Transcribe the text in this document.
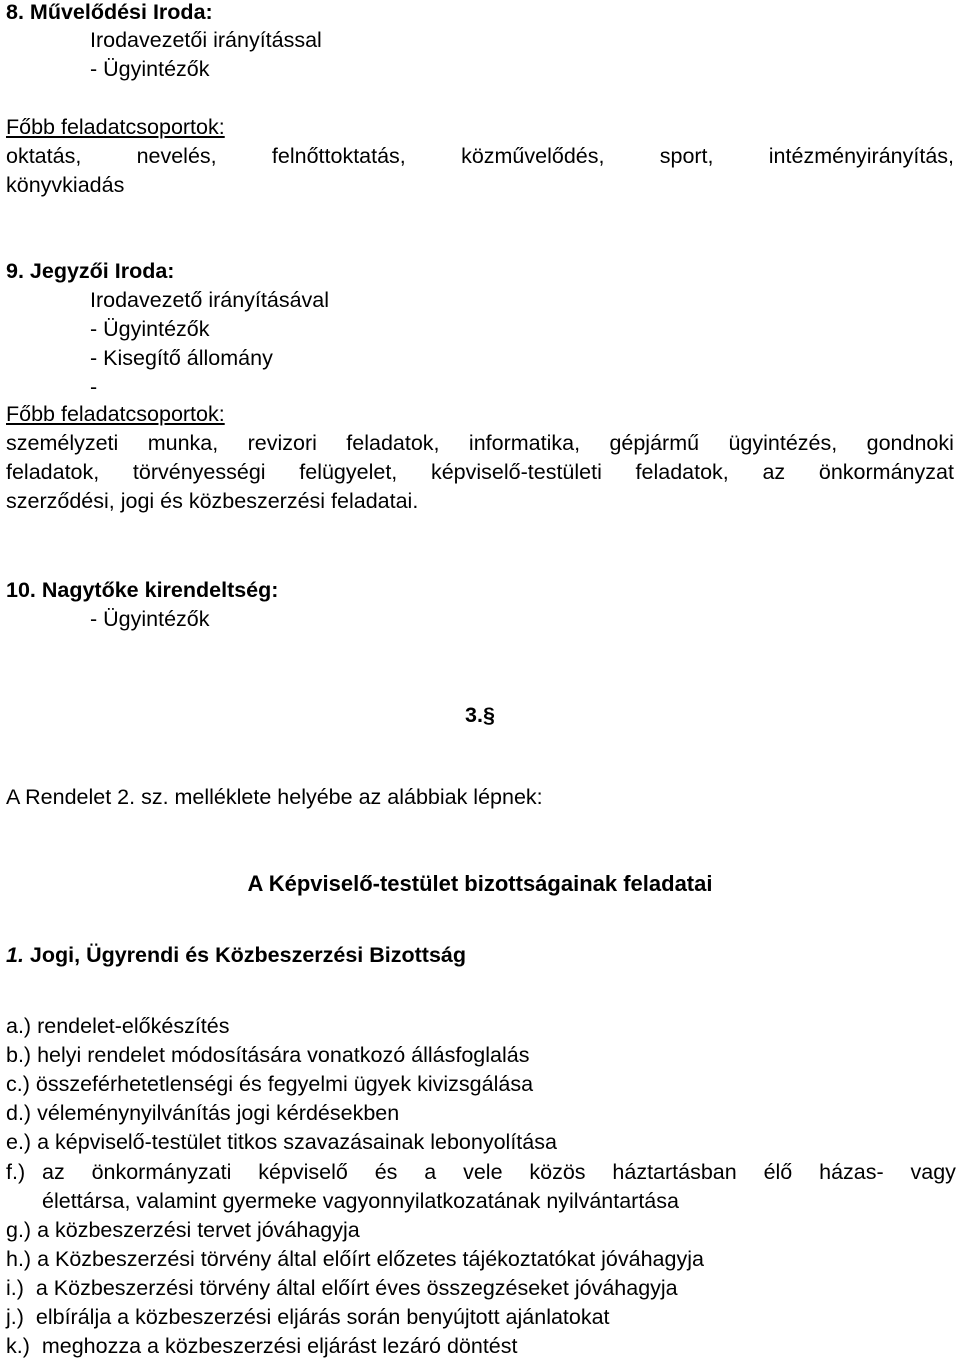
8. Művelődési Iroda:
Irodavezetői irányítással
- Ügyintézők
Főbb feladatcsoportok:
oktatás,	nevelés,	felnőttoktatás,	közművelődés,	sport,	intézményirányítás,
könyvkiadás
9. Jegyzői Iroda:
Irodavezető irányításával
- Ügyintézők
- Kisegítő állomány
-
Főbb feladatcsoportok:
személyzeti munka, revizori feladatok, informatika, gépjármű ügyintézés, gondnoki
feladatok, törvényességi felügyelet, képviselő-testületi feladatok, az önkormányzat
szerződési, jogi és közbeszerzési feladatai.
10. Nagytőke kirendeltség:
- Ügyintézők
3.§
A Rendelet 2. sz. melléklete helyébe az alábbiak lépnek:
A Képviselő-testület bizottságainak feladatai
1. Jogi, Ügyrendi és Közbeszerzési Bizottság
a.) rendelet-előkészítés
b.) helyi rendelet módosítására vonatkozó állásfoglalás
c.) összeférhetetlenségi és fegyelmi ügyek kivizsgálása
d.) véleménynyilvánítás jogi kérdésekben
e.) a képviselő-testület titkos szavazásainak lebonyolítása
f.) az önkormányzati képviselő és a vele közös háztartásban élő házas- vagy
élettársa, valamint gyermeke vagyonnyilatkozatának nyilvántartása
g.) a közbeszerzési tervet jóváhagyja
h.) a Közbeszerzési törvény által előírt előzetes tájékoztatókat jóváhagyja
i.)  a Közbeszerzési törvény által előírt éves összegzéseket jóváhagyja
j.)  elbírálja a közbeszerzési eljárás során benyújtott ajánlatokat
k.)  meghozza a közbeszerzési eljárást lezáró döntést
